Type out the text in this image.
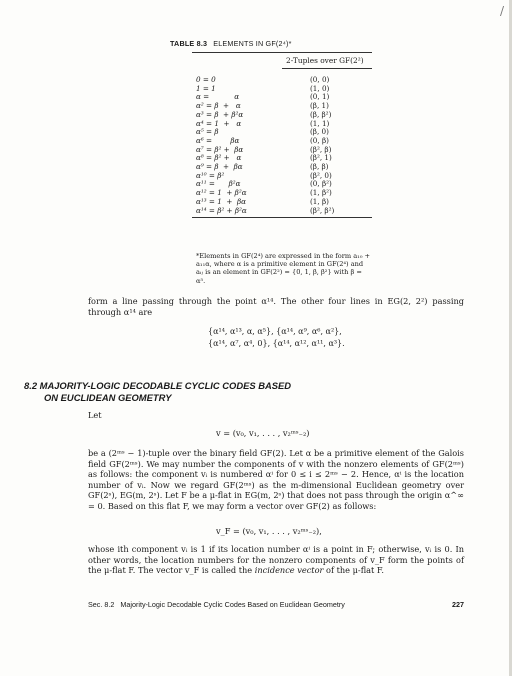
/
TABLE 8.3 ELEMENTS IN GF(2⁴)*
2-Tuples over GF(2²)
0 = 0
1 = 1
α =           α
α² = β  +   α
α³ = β  + β²α
α⁴ = 1  +   α
α⁵ = β
α⁶ =        βα
α⁷ = β² +  βα
α⁸ = β² +   α
α⁹ = β  +  βα
α¹⁰ = β²
α¹¹ =      β²α
α¹² = 1  + β²α
α¹³ = 1  +  βα
α¹⁴ = β² + β²α
(0, 0)
(1, 0)
(0, 1)
(β, 1)
(β, β²)
(1, 1)
(β, 0)
(0, β)
(β², β)
(β², 1)
(β, β)
(β², 0)
(0, β²)
(1, β²)
(1, β)
(β², β²)
*Elements in GF(2⁴) are expressed in the form a₁₀ + a₁₁α, where α is a primitive element in GF(2⁴) and aᵢⱼ is an element in GF(2²) = {0, 1, β, β²} with β = α⁵.
form a line passing through the point α¹⁴. The other four lines in EG(2, 2²) passing through α¹⁴ are
{α¹⁴, α¹³, α, α⁵}, {α¹⁴, α⁹, α⁶, α²},
{α¹⁴, α⁷, α⁴, 0}, {α¹⁴, α¹², α¹¹, α³}.
8.2 MAJORITY-LOGIC DECODABLE CYCLIC CODES BASED
ON EUCLIDEAN GEOMETRY
Let
v = (v₀, v₁, . . . , v₂ᵐˢ₋₂)
be a (2ᵐˢ − 1)-tuple over the binary field GF(2). Let α be a primitive element of the Galois field GF(2ᵐˢ). We may number the components of v with the nonzero elements of GF(2ᵐˢ) as follows: the component vᵢ is numbered αⁱ for 0 ≤ i ≤ 2ᵐˢ − 2. Hence, αⁱ is the location number of vᵢ. Now we regard GF(2ᵐˢ) as the m-dimensional Euclidean geometry over GF(2ˢ), EG(m, 2ˢ). Let F be a μ-flat in EG(m, 2ˢ) that does not pass through the origin α^∞ = 0. Based on this flat F, we may form a vector over GF(2) as follows:
v_F = (v₀, v₁, . . . , v₂ᵐˢ₋₂),
whose ith component vᵢ is 1 if its location number αⁱ is a point in F; otherwise, vᵢ is 0. In other words, the location numbers for the nonzero components of v_F form the points of the μ-flat F. The vector v_F is called the incidence vector of the μ-flat F.
Sec. 8.2 Majority-Logic Decodable Cyclic Codes Based on Euclidean Geometry	227
